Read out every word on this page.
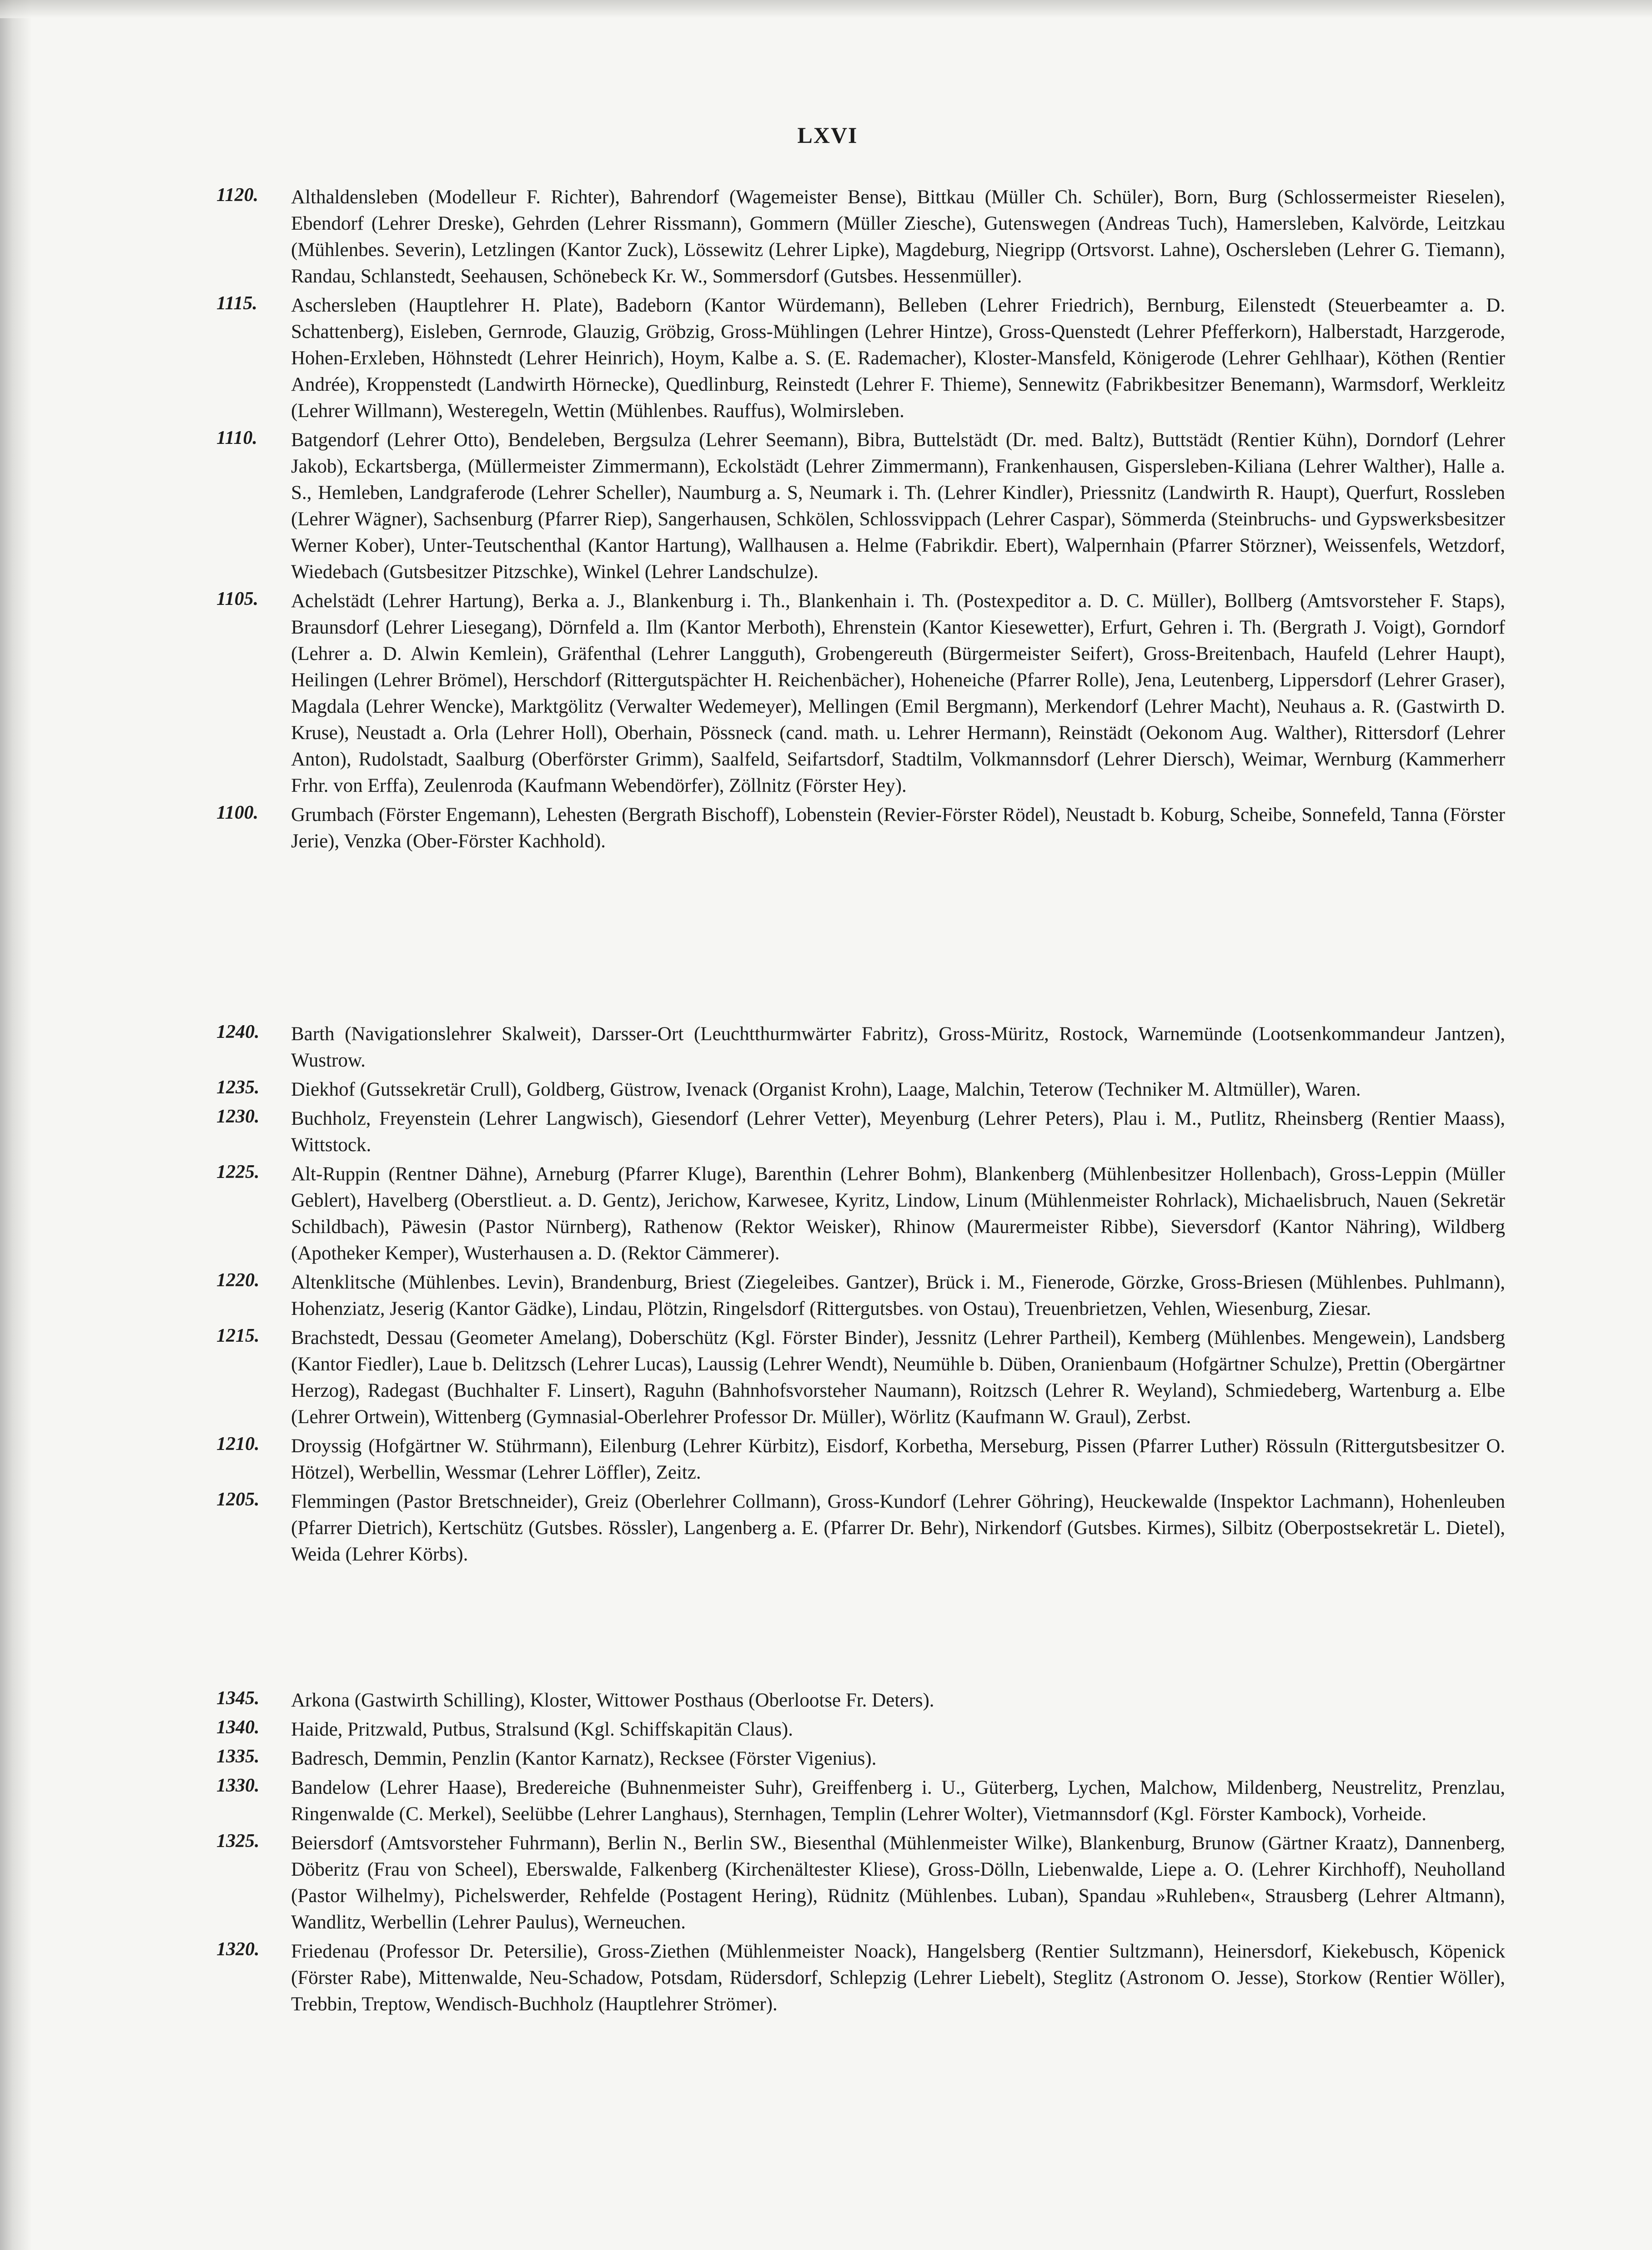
LXVI
1120.	Althaldensleben (Modelleur F. Richter), Bahrendorf (Wagemeister Bense), Bittkau (Müller Ch. Schüler), Born, Burg (Schlossermeister Rieselen), Ebendorf (Lehrer Dreske), Gehrden (Lehrer Rissmann), Gommern (Müller Ziesche), Gutenswegen (Andreas Tuch), Hamersleben, Kalvörde, Leitzkau (Mühlenbes. Severin), Letzlingen (Kantor Zuck), Lössewitz (Lehrer Lipke), Magdeburg, Niegripp (Ortsvorst. Lahne), Oschersleben (Lehrer G. Tiemann), Randau, Schlanstedt, Seehausen, Schönebeck Kr. W., Sommersdorf (Gutsbes. Hessenmüller).
1115.	Aschersleben (Hauptlehrer H. Plate), Badeborn (Kantor Würdemann), Belleben (Lehrer Friedrich), Bernburg, Eilenstedt (Steuerbeamter a. D. Schattenberg), Eisleben, Gernrode, Glauzig, Gröbzig, Gross-Mühlingen (Lehrer Hintze), Gross-Quenstedt (Lehrer Pfefferkorn), Halberstadt, Harzgerode, Hohen-Erxleben, Höhnstedt (Lehrer Heinrich), Hoym, Kalbe a. S. (E. Rademacher), Kloster-Mansfeld, Königerode (Lehrer Gehlhaar), Köthen (Rentier Andrée), Kroppenstedt (Landwirth Hörnecke), Quedlinburg, Reinstedt (Lehrer F. Thieme), Sennewitz (Fabrikbesitzer Benemann), Warmsdorf, Werkleitz (Lehrer Willmann), Westeregeln, Wettin (Mühlenbes. Rauffus), Wolmirsleben.
1110.	Batgendorf (Lehrer Otto), Bendeleben, Bergsulza (Lehrer Seemann), Bibra, Buttelstädt (Dr. med. Baltz), Buttstädt (Rentier Kühn), Dorndorf (Lehrer Jakob), Eckartsberga, (Müllermeister Zimmermann), Eckolstädt (Lehrer Zimmermann), Frankenhausen, Gispersleben-Kiliana (Lehrer Walther), Halle a. S., Hemleben, Landgraferode (Lehrer Scheller), Naumburg a. S, Neumark i. Th. (Lehrer Kindler), Priessnitz (Landwirth R. Haupt), Querfurt, Rossleben (Lehrer Wägner), Sachsenburg (Pfarrer Riep), Sangerhausen, Schkölen, Schlossvippach (Lehrer Caspar), Sömmerda (Steinbruchs- und Gypswerksbesitzer Werner Kober), Unter-Teutschenthal (Kantor Hartung), Wallhausen a. Helme (Fabrikdir. Ebert), Walpernhain (Pfarrer Störzner), Weissenfels, Wetzdorf, Wiedebach (Gutsbesitzer Pitzschke), Winkel (Lehrer Landschulze).
1105.	Achelstädt (Lehrer Hartung), Berka a. J., Blankenburg i. Th., Blankenhain i. Th. (Postexpeditor a. D. C. Müller), Bollberg (Amtsvorsteher F. Staps), Braunsdorf (Lehrer Liesegang), Dörnfeld a. Ilm (Kantor Merboth), Ehrenstein (Kantor Kiesewetter), Erfurt, Gehren i. Th. (Bergrath J. Voigt), Gorndorf (Lehrer a. D. Alwin Kemlein), Gräfenthal (Lehrer Langguth), Grobengereuth (Bürgermeister Seifert), Gross-Breitenbach, Haufeld (Lehrer Haupt), Heilingen (Lehrer Brömel), Herschdorf (Rittergutspächter H. Reichenbächer), Hoheneiche (Pfarrer Rolle), Jena, Leutenberg, Lippersdorf (Lehrer Graser), Magdala (Lehrer Wencke), Marktgölitz (Verwalter Wedemeyer), Mellingen (Emil Bergmann), Merkendorf (Lehrer Macht), Neuhaus a. R. (Gastwirth D. Kruse), Neustadt a. Orla (Lehrer Holl), Oberhain, Pössneck (cand. math. u. Lehrer Hermann), Reinstädt (Oekonom Aug. Walther), Rittersdorf (Lehrer Anton), Rudolstadt, Saalburg (Oberförster Grimm), Saalfeld, Seifartsdorf, Stadtilm, Volkmannsdorf (Lehrer Diersch), Weimar, Wernburg (Kammerherr Frhr. von Erffa), Zeulenroda (Kaufmann Webendörfer), Zöllnitz (Förster Hey).
1100.	Grumbach (Förster Engemann), Lehesten (Bergrath Bischoff), Lobenstein (Revier-Förster Rödel), Neustadt b. Koburg, Scheibe, Sonnefeld, Tanna (Förster Jerie), Venzka (Ober-Förster Kachhold).
1240.	Barth (Navigationslehrer Skalweit), Darsser-Ort (Leuchtthurmwärter Fabritz), Gross-Müritz, Rostock, Warnemünde (Lootsenkommandeur Jantzen), Wustrow.
1235.	Diekhof (Gutssekretär Crull), Goldberg, Güstrow, Ivenack (Organist Krohn), Laage, Malchin, Teterow (Techniker M. Altmüller), Waren.
1230.	Buchholz, Freyenstein (Lehrer Langwisch), Giesendorf (Lehrer Vetter), Meyenburg (Lehrer Peters), Plau i. M., Putlitz, Rheinsberg (Rentier Maass), Wittstock.
1225.	Alt-Ruppin (Rentner Dähne), Arneburg (Pfarrer Kluge), Barenthin (Lehrer Bohm), Blankenberg (Mühlenbesitzer Hollenbach), Gross-Leppin (Müller Geblert), Havelberg (Oberstlieut. a. D. Gentz), Jerichow, Karwesee, Kyritz, Lindow, Linum (Mühlenmeister Rohrlack), Michaelisbruch, Nauen (Sekretär Schildbach), Päwesin (Pastor Nürnberg), Rathenow (Rektor Weisker), Rhinow (Maurermeister Ribbe), Sieversdorf (Kantor Nähring), Wildberg (Apotheker Kemper), Wusterhausen a. D. (Rektor Cämmerer).
1220.	Altenklitsche (Mühlenbes. Levin), Brandenburg, Briest (Ziegeleibes. Gantzer), Brück i. M., Fienerode, Görzke, Gross-Briesen (Mühlenbes. Puhlmann), Hohenziatz, Jeserig (Kantor Gädke), Lindau, Plötzin, Ringelsdorf (Rittergutsbes. von Ostau), Treuenbrietzen, Vehlen, Wiesenburg, Ziesar.
1215.	Brachstedt, Dessau (Geometer Amelang), Doberschütz (Kgl. Förster Binder), Jessnitz (Lehrer Partheil), Kemberg (Mühlenbes. Mengewein), Landsberg (Kantor Fiedler), Laue b. Delitzsch (Lehrer Lucas), Laussig (Lehrer Wendt), Neumühle b. Düben, Oranienbaum (Hofgärtner Schulze), Prettin (Obergärtner Herzog), Radegast (Buchhalter F. Linsert), Raguhn (Bahnhofsvorsteher Naumann), Roitzsch (Lehrer R. Weyland), Schmiedeberg, Wartenburg a. Elbe (Lehrer Ortwein), Wittenberg (Gymnasial-Oberlehrer Professor Dr. Müller), Wörlitz (Kaufmann W. Graul), Zerbst.
1210.	Droyssig (Hofgärtner W. Stührmann), Eilenburg (Lehrer Kürbitz), Eisdorf, Korbetha, Merseburg, Pissen (Pfarrer Luther) Rössuln (Rittergutsbesitzer O. Hötzel), Werbellin, Wessmar (Lehrer Löffler), Zeitz.
1205.	Flemmingen (Pastor Bretschneider), Greiz (Oberlehrer Collmann), Gross-Kundorf (Lehrer Göhring), Heuckewalde (Inspektor Lachmann), Hohenleuben (Pfarrer Dietrich), Kertschütz (Gutsbes. Rössler), Langenberg a. E. (Pfarrer Dr. Behr), Nirkendorf (Gutsbes. Kirmes), Silbitz (Oberpostsekretär L. Dietel), Weida (Lehrer Körbs).
1345.	Arkona (Gastwirth Schilling), Kloster, Wittower Posthaus (Oberlootse Fr. Deters).
1340.	Haide, Pritzwald, Putbus, Stralsund (Kgl. Schiffskapitän Claus).
1335.	Badresch, Demmin, Penzlin (Kantor Karnatz), Recksee (Förster Vigenius).
1330.	Bandelow (Lehrer Haase), Bredereiche (Buhnenmeister Suhr), Greiffenberg i. U., Güterberg, Lychen, Malchow, Mildenberg, Neustrelitz, Prenzlau, Ringenwalde (C. Merkel), Seelübbe (Lehrer Langhaus), Sternhagen, Templin (Lehrer Wolter), Vietmannsdorf (Kgl. Förster Kambock), Vorheide.
1325.	Beiersdorf (Amtsvorsteher Fuhrmann), Berlin N., Berlin SW., Biesenthal (Mühlenmeister Wilke), Blankenburg, Brunow (Gärtner Kraatz), Dannenberg, Döberitz (Frau von Scheel), Eberswalde, Falkenberg (Kirchenältester Kliese), Gross-Dölln, Liebenwalde, Liepe a. O. (Lehrer Kirchhoff), Neuholland (Pastor Wilhelmy), Pichelswerder, Rehfelde (Postagent Hering), Rüdnitz (Mühlenbes. Luban), Spandau »Ruhleben«, Strausberg (Lehrer Altmann), Wandlitz, Werbellin (Lehrer Paulus), Werneuchen.
1320.	Friedenau (Professor Dr. Petersilie), Gross-Ziethen (Mühlenmeister Noack), Hangelsberg (Rentier Sultzmann), Heinersdorf, Kiekebusch, Köpenick (Förster Rabe), Mittenwalde, Neu-Schadow, Potsdam, Rüdersdorf, Schlepzig (Lehrer Liebelt), Steglitz (Astronom O. Jesse), Storkow (Rentier Wöller), Trebbin, Treptow, Wendisch-Buchholz (Hauptlehrer Strömer).
